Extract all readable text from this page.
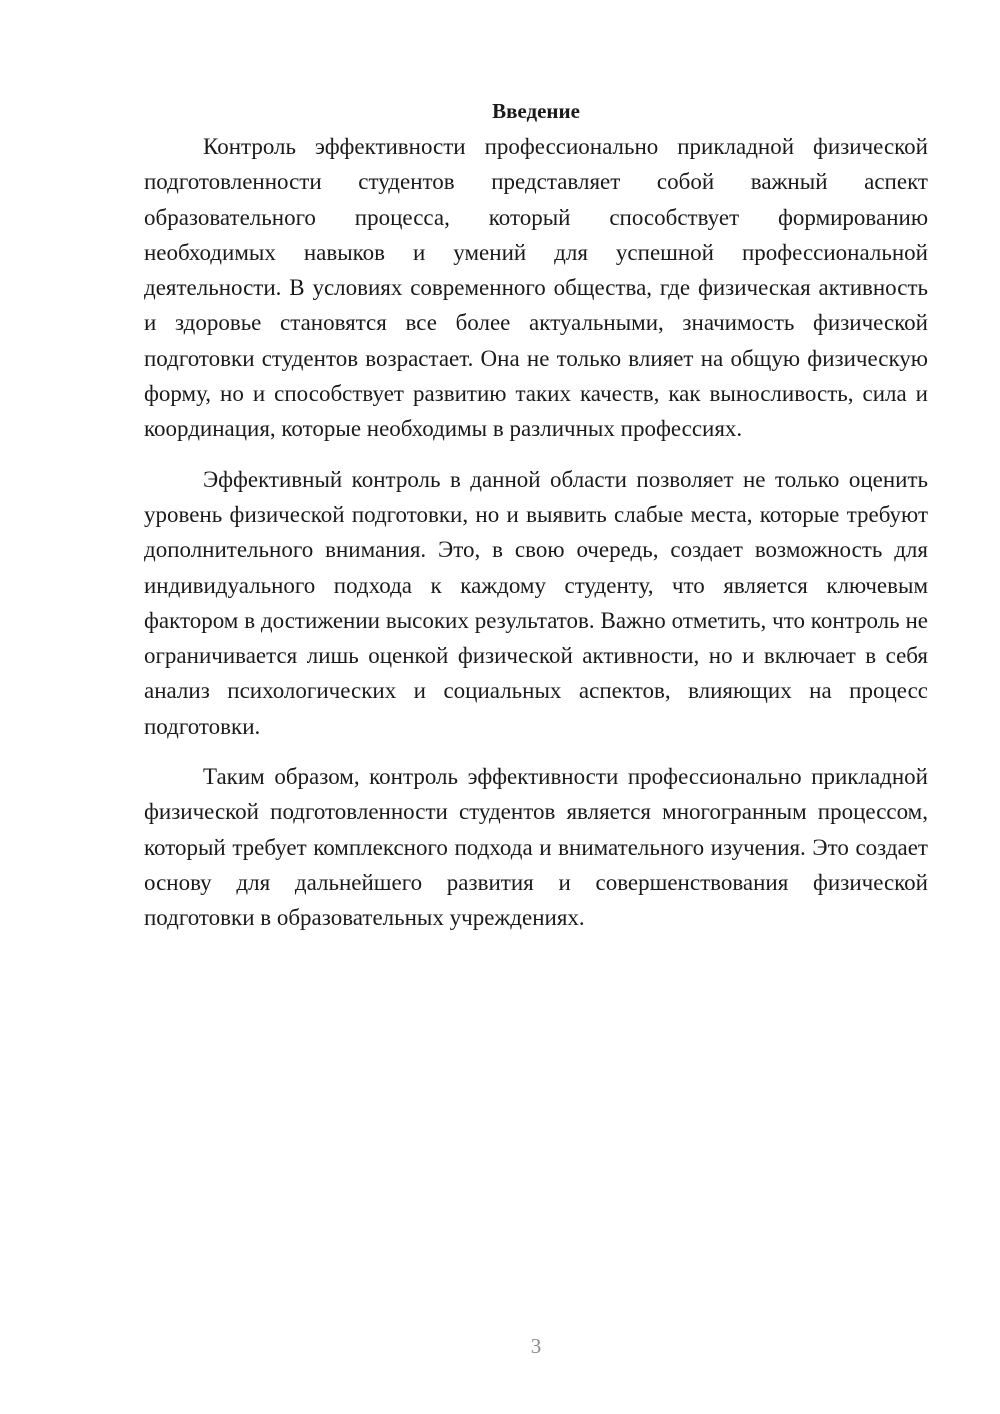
Введение

Контроль эффективности профессионально прикладной физической подготовленности студентов представляет собой важный аспект образовательного процесса, который способствует формированию необходимых навыков и умений для успешной профессиональной деятельности. В условиях современного общества, где физическая активность и здоровье становятся все более актуальными, значимость физической подготовки студентов возрастает. Она не только влияет на общую физическую форму, но и способствует развитию таких качеств, как выносливость, сила и координация, которые необходимы в различных профессиях.

Эффективный контроль в данной области позволяет не только оценить уровень физической подготовки, но и выявить слабые места, которые требуют дополнительного внимания. Это, в свою очередь, создает возможность для индивидуального подхода к каждому студенту, что является ключевым фактором в достижении высоких результатов. Важно отметить, что контроль не ограничивается лишь оценкой физической активности, но и включает в себя анализ психологических и социальных аспектов, влияющих на процесс подготовки.

Таким образом, контроль эффективности профессионально прикладной физической подготовленности студентов является многогранным процессом, который требует комплексного подхода и внимательного изучения. Это создает основу для дальнейшего развития и совершенствования физической подготовки в образовательных учреждениях.

3
